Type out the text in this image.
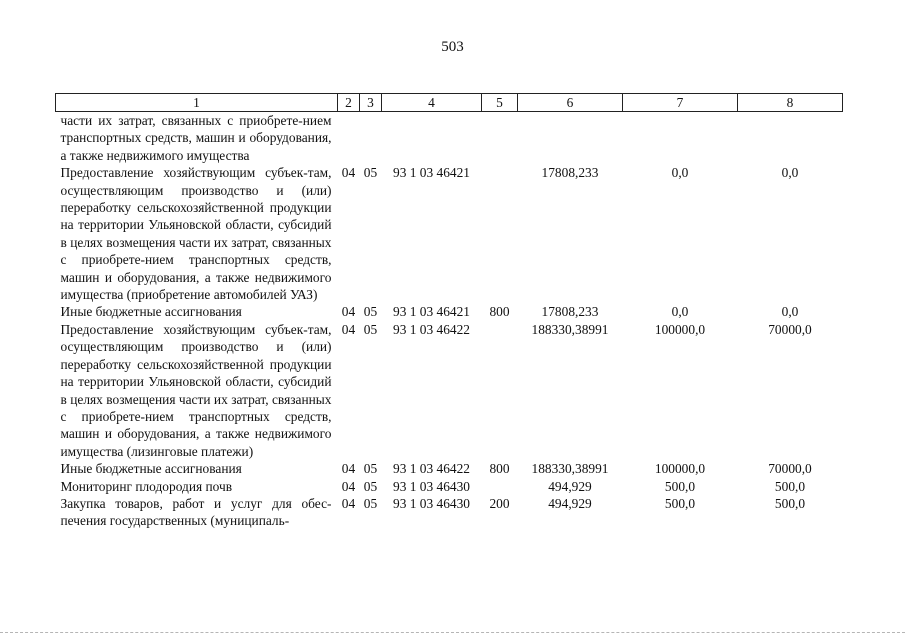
503
1	2	3	4	5	6	7	8
части их затрат, связанных с приобрете-нием транспортных средств, машин и оборудования, а также недвижимого имущества							
Предоставление хозяйствующим субъек-там, осуществляющим производство и (или) переработку сельскохозяйственной продукции на территории Ульяновской области, субсидий в целях возмещения части их затрат, связанных с приобрете-нием транспортных средств, машин и оборудования, а также недвижимого имущества (приобретение автомобилей УАЗ)	04	05	93 1 03 46421		17808,233	0,0	0,0
Иные бюджетные ассигнования	04	05	93 1 03 46421	800	17808,233	0,0	0,0
Предоставление хозяйствующим субъек-там, осуществляющим производство и (или) переработку сельскохозяйственной продукции на территории Ульяновской области, субсидий в целях возмещения части их затрат, связанных с приобрете-нием транспортных средств, машин и оборудования, а также недвижимого имущества (лизинговые платежи)	04	05	93 1 03 46422		188330,38991	100000,0	70000,0
Иные бюджетные ассигнования	04	05	93 1 03 46422	800	188330,38991	100000,0	70000,0
Мониторинг плодородия почв	04	05	93 1 03 46430		494,929	500,0	500,0
Закупка товаров, работ и услуг для обес-печения государственных (муниципаль-	04	05	93 1 03 46430	200	494,929	500,0	500,0
